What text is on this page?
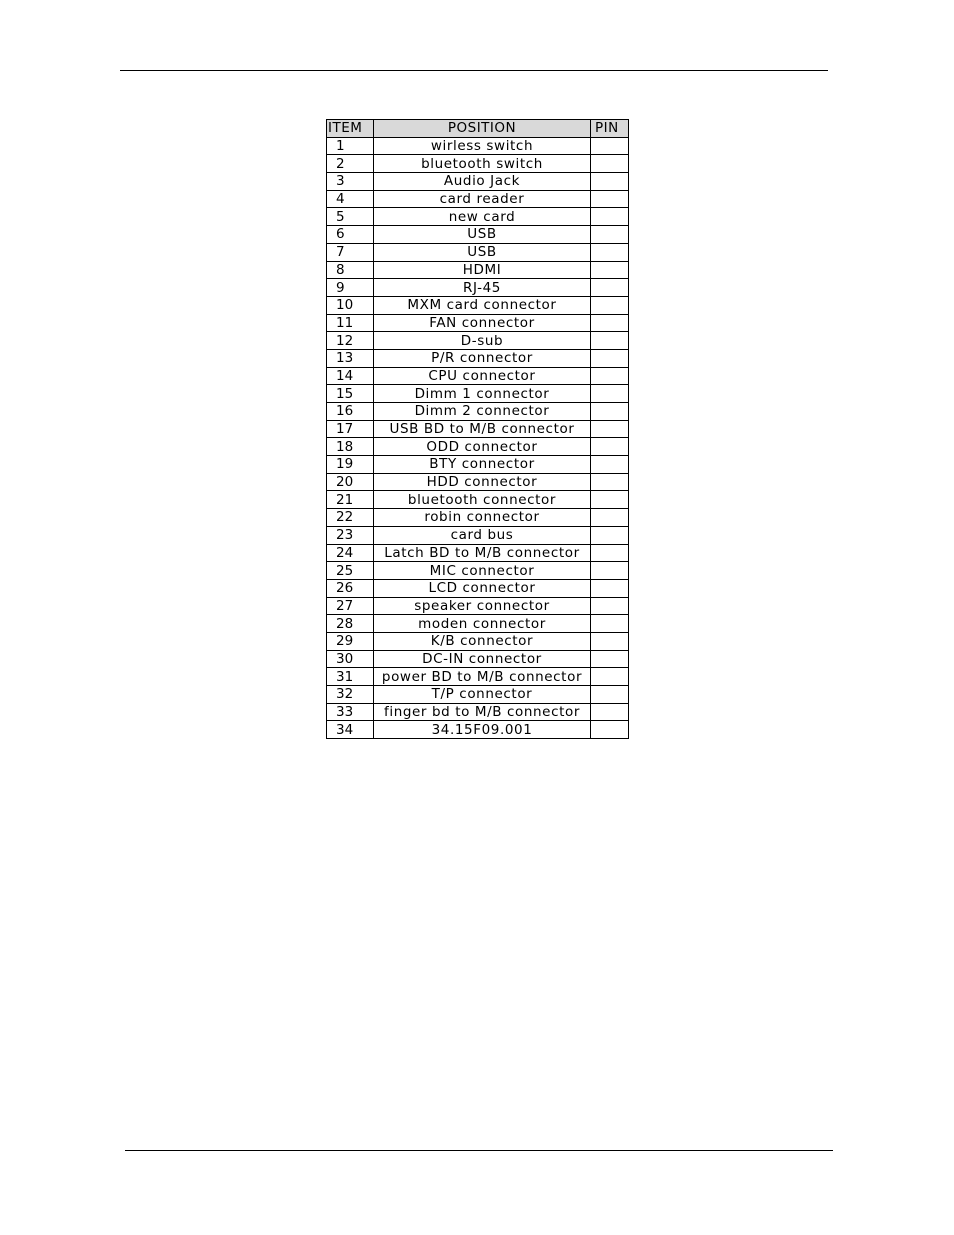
ITEM	POSITION	PIN
1	wirless switch	
2	bluetooth switch	
3	Audio Jack	
4	card reader	
5	new card	
6	USB	
7	USB	
8	HDMI	
9	RJ-45	
10	MXM card connector	
11	FAN connector	
12	D-sub	
13	P/R connector	
14	CPU connector	
15	Dimm 1 connector	
16	Dimm 2 connector	
17	USB BD to M/B connector	
18	ODD connector	
19	BTY connector	
20	HDD connector	
21	bluetooth connector	
22	robin connector	
23	card bus	
24	Latch BD to M/B connector	
25	MIC connector	
26	LCD connector	
27	speaker connector	
28	moden connector	
29	K/B connector	
30	DC-IN connector	
31	power BD to M/B connector	
32	T/P connector	
33	finger bd to M/B connector	
34	34.15F09.001	
